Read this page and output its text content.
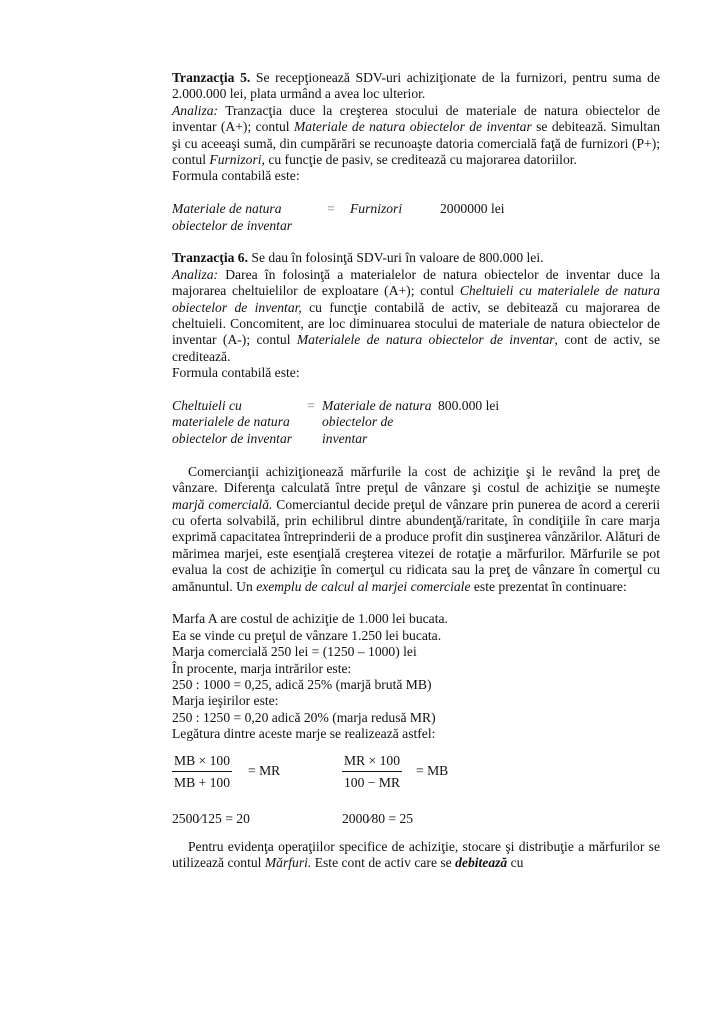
Tranzacţia 5. Se recepţionează SDV-uri achiziţionate de la furnizori, pentru suma de 2.000.000 lei, plata urmând a avea loc ulterior.

Analiza: Tranzacţia duce la creşterea stocului de materiale de natura obiectelor de inventar (A+); contul Materiale de natura obiectelor de inventar se debitează. Simultan şi cu aceeaşi sumă, din cumpărări se recunoaşte datoria comercială faţă de furnizori (P+); contul Furnizori, cu funcţie de pasiv, se creditează cu majorarea datoriilor.

Formula contabilă este:

Materiale de natura obiectelor de inventar
=	Furnizori	2000000 lei

Tranzacţia 6. Se dau în folosinţă SDV-uri în valoare de 800.000 lei.

Analiza: Darea în folosinţă a materialelor de natura obiectelor de inventar duce la majorarea cheltuielilor de exploatare (A+); contul Cheltuieli cu materialele de natura obiectelor de inventar, cu funcţie contabilă de activ, se debitează cu majorarea de cheltuieli. Concomitent, are loc diminuarea stocului de materiale de natura obiectelor de inventar (A-); contul Materialele de natura obiectelor de inventar, cont de activ, se creditează.

Formula contabilă este:

Cheltuieli cu materialele de natura obiectelor de inventar
= Materiale de natura obiectelor de inventar
800.000 lei

Comercianţii achiziţionează mărfurile la cost de achiziţie şi le revând la preţ de vânzare. Diferenţa calculată între preţul de vânzare şi costul de achiziţie se numeşte marjă comercială. Comerciantul decide preţul de vânzare prin punerea de acord a cererii cu oferta solvabilă, prin echilibrul dintre abundenţă/raritate, în condiţiile în care marja exprimă capacitatea întreprinderii de a produce profit din susţinerea vânzărilor. Alături de mărimea marjei, este esenţială creşterea vitezei de rotaţie a mărfurilor. Mărfurile se pot evalua la cost de achiziţie în comerţul cu ridicata sau la preţ de vânzare în comerţul cu amănuntul. Un exemplu de calcul al marjei comerciale este prezentat în continuare:

Marfa A are costul de achiziţie de 1.000 lei bucata.

Ea se vinde cu preţul de vânzare 1.250 lei bucata.

Marja comercială 250 lei = (1250 – 1000) lei

În procente, marja intrărilor este:

250 : 1000 = 0,25, adică 25% (marjă brută MB)

Marja ieşirilor este:

250 : 1250 = 0,20 adică 20% (marja redusă MR)

Legătura dintre aceste marje se realizează astfel:

$\frac{MB \times 100}{MB + 100}$ = MR	$\frac{MR \times 100}{100 - MR}$ = MB
2500⁄125 = 20	2000⁄80 = 25

Pentru evidenţa operaţiilor specifice de achiziţie, stocare şi distribuţie a mărfurilor se utilizează contul Mărfuri. Este cont de activ care se debitează cu
